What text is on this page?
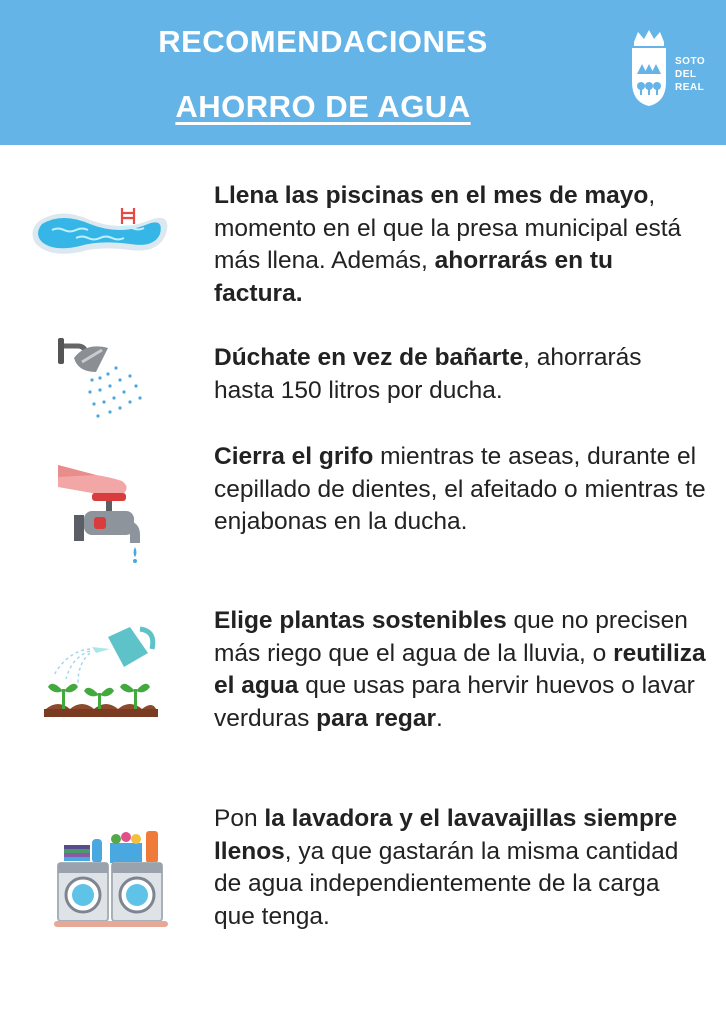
RECOMENDACIONES
AHORRO DE AGUA
SOTO
DEL
REAL
Llena las piscinas en el mes de mayo, momento en el que la presa municipal está más llena. Además, ahorrarás en tu factura.
Dúchate en vez de bañarte, ahorrarás hasta 150 litros por ducha.
Cierra el grifo mientras te aseas, durante el cepillado de dientes, el afeitado o mientras te enjabonas en la ducha.
Elige plantas sostenibles que no precisen más riego que el agua de la lluvia, o reutiliza el agua que usas para hervir huevos o lavar verduras para regar.
Pon la lavadora y el lavavajillas siempre llenos, ya que gastarán la misma cantidad de agua independientemente de la carga que tenga.
